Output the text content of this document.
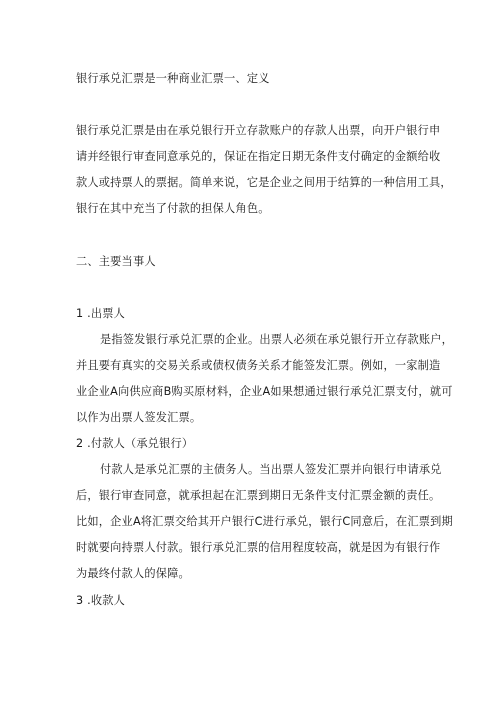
银行承兑汇票是一种商业汇票一、定义
银行承兑汇票是由在承兑银行开立存款账户的存款人出票，向开户银行申
请并经银行审查同意承兑的，保证在指定日期无条件支付确定的金额给收
款人或持票人的票据。简单来说，它是企业之间用于结算的一种信用工具，
银行在其中充当了付款的担保人角色。
二、主要当事人
1 .出票人
是指签发银行承兑汇票的企业。出票人必须在承兑银行开立存款账户，
并且要有真实的交易关系或债权债务关系才能签发汇票。例如，一家制造
业企业A向供应商B购买原材料，企业A如果想通过银行承兑汇票支付，就可
以作为出票人签发汇票。
2 .付款人（承兑银行）
付款人是承兑汇票的主债务人。当出票人签发汇票并向银行申请承兑
后，银行审查同意，就承担起在汇票到期日无条件支付汇票金额的责任。
比如，企业A将汇票交给其开户银行C进行承兑，银行C同意后，在汇票到期
时就要向持票人付款。银行承兑汇票的信用程度较高，就是因为有银行作
为最终付款人的保障。
3 .收款人
